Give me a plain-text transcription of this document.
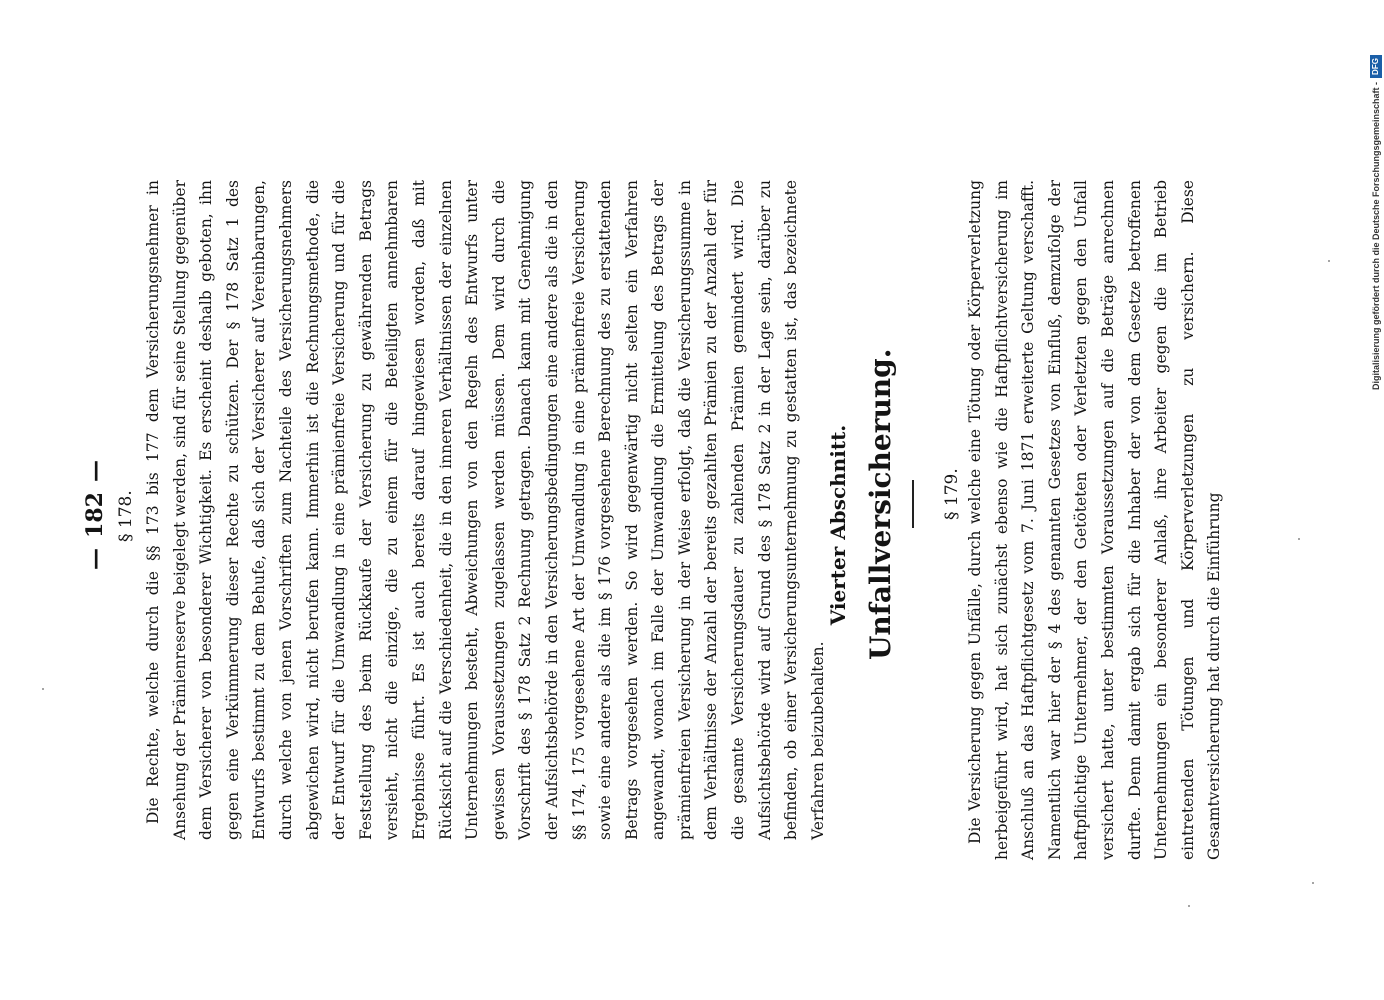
—
182
—
§ 178. Die Rechte, welche durch die §§ 173 bis 177 dem Versicherungsnehmer in Ansehung der Prämienreserve beigelegt werden, sind für seine Stellung gegenüber dem Versicherer von besonderer Wichtigkeit. Es erscheint deshalb geboten, ihn gegen eine Verkümmerung dieser Rechte zu schützen. Der § 178 Satz 1 des Entwurfs bestimmt zu dem Behufe, daß sich der Versicherer auf Vereinbarungen, durch welche von jenen Vorschriften zum Nachteile des Versicherungsnehmers abgewichen wird, nicht berufen kann. Immerhin ist die Rechnungsmethode, die der Entwurf für die Umwandlung in eine prämienfreie Versicherung und für die Feststellung des beim Rückkaufe der Versicherung zu gewährenden Betrags versieht, nicht die einzige, die zu einem für die Beteiligten annehmbaren Ergebnisse führt. Es ist auch bereits darauf hingewiesen worden, daß mit Rücksicht auf die Verschiedenheit, die in den inneren Verhältnissen der einzelnen Unternehmungen besteht, Abweichungen von den Regeln des Entwurfs unter gewissen Voraussetzungen zugelassen werden müssen. Dem wird durch die Vorschrift des § 178 Satz 2 Rechnung getragen. Danach kann mit Genehmigung der Aufsichtsbehörde in den Versicherungsbedingungen eine andere als die in den §§ 174, 175 vorgesehene Art der Umwandlung in eine prämienfreie Versicherung sowie eine andere als die im § 176 vorgesehene Berechnung des zu erstattenden Betrags vorgesehen werden. So wird gegenwärtig nicht selten ein Verfahren angewandt, wonach im Falle der Umwandlung die Ermittelung des Betrags der prämienfreien Versicherung in der Weise erfolgt, daß die Versicherungssumme in dem Verhältnisse der Anzahl der bereits gezahlten Prämien zu der Anzahl der für die gesamte Versicherungsdauer zu zahlenden Prämien gemindert wird. Die Aufsichtsbehörde wird auf Grund des § 178 Satz 2 in der Lage sein, darüber zu befinden, ob einer Versicherungsunternehmung zu gestatten ist, das bezeichnete Verfahren beizubehalten.

Vierter Abschnitt. Unfallversicherung.	§ 179. Die Versicherung gegen Unfälle, durch welche eine Tötung oder Körperverletzung herbeigeführt wird, hat sich zunächst ebenso wie die Haftpflichtversicherung im Anschluß an das Haftpflichtgesetz vom 7. Juni 1871 erweiterte Geltung verschafft. Namentlich war hier der § 4 des genannten Gesetzes von Einfluß, demzufolge der haftpflichtige Unternehmer, der den Getöteten oder Verletzten gegen den Unfall versichert hatte, unter bestimmten Voraussetzungen auf die Beträge anrechnen durfte. Denn damit ergab sich für die Inhaber der von dem Gesetze betroffenen Unternehmungen ein besonderer Anlaß, ihre Arbeiter gegen die im Betrieb eintretenden Tötungen und Körperverletzungen zu versichern. Diese Gesamtversicherung hat durch die Einführung

Digitalisierung gefördert durch die Deutsche Forschungsgemeinschaft -
DFG
